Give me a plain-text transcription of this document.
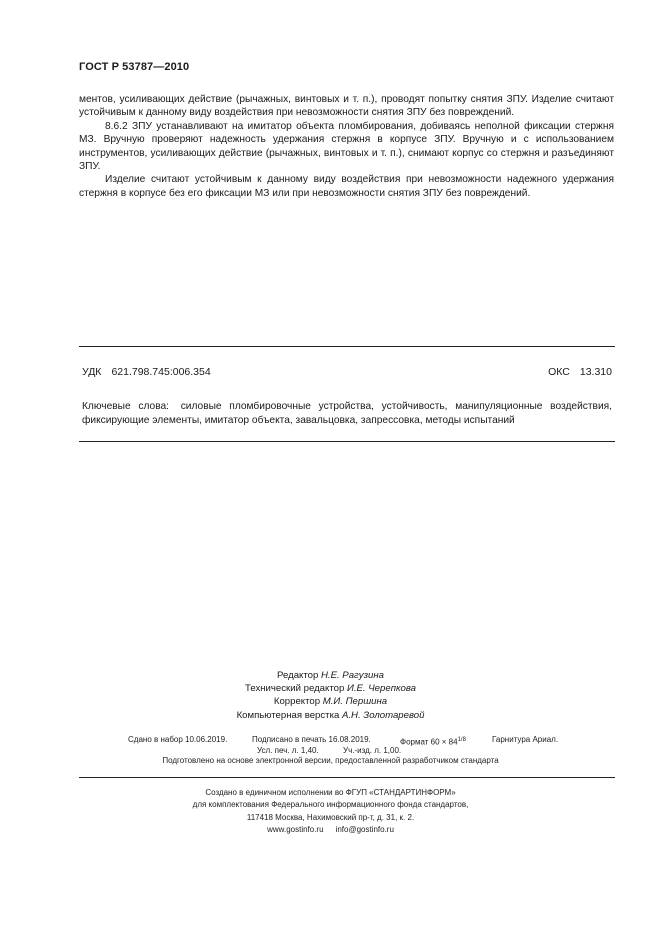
ГОСТ Р 53787—2010

ментов, усиливающих действие (рычажных, винтовых и т. п.), проводят попытку снятия ЗПУ. Изделие считают устойчивым к данному виду воздействия при невозможности снятия ЗПУ без повреждений.

8.6.2 ЗПУ устанавливают на имитатор объекта пломбирования, добиваясь неполной фиксации стержня МЗ. Вручную проверяют надежность удержания стержня в корпусе ЗПУ. Вручную и с использованием инструментов, усиливающих действие (рычажных, винтовых и т. п.), снимают корпус со стержня и разъединяют ЗПУ.

Изделие считают устойчивым к данному виду воздействия при невозможности надежного удержания стержня в корпусе без его фиксации МЗ или при невозможности снятия ЗПУ без повреждений.

УДК 621.798.745:006.354	ОКС 13.310
Ключевые слова: силовые пломбировочные устройства, устойчивость, манипуляционные воздействия, фиксирующие элементы, имитатор объекта, завальцовка, запрессовка, методы испытаний
Редактор Н.Е. Рагузина
Технический редактор И.Е. Черепкова
Корректор М.И. Першина
Компьютерная верстка А.Н. Золотаревой
Сдано в набор 10.06.2019.	Подписано в печать 16.08.2019.	Формат $60 \times 84^{1/8}$	Гарнитура Ариал.
Усл. печ. л. 1,40.	Уч.-изд. л. 1,00.
Подготовлено на основе электронной версии, предоставленной разработчиком стандарта
Создано в единичном исполнении во ФГУП «СТАНДАРТИНФОРМ»
для комплектования Федерального информационного фонда стандартов,
117418 Москва, Нахимовский пр-т, д. 31, к. 2.
www.gostinfo.ru info@gostinfo.ru
